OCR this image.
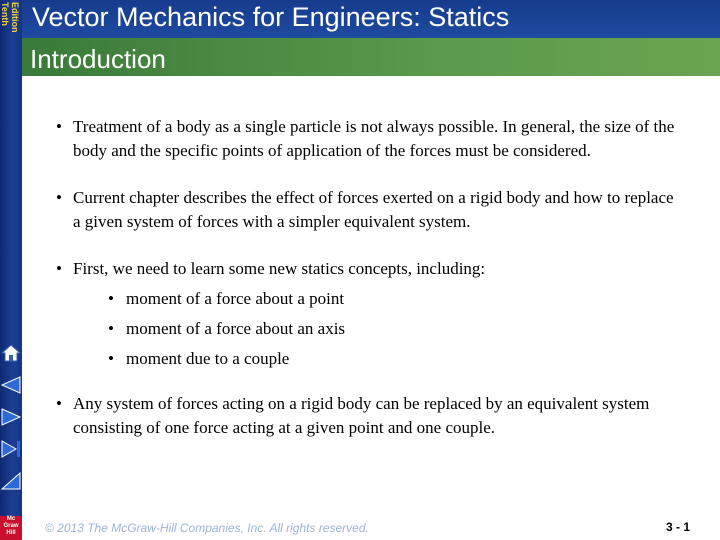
Tenth Edition Vector Mechanics for Engineers: Statics
Introduction
• Treatment of a body as a single particle is not always possible. In general, the size of the body and the specific points of application of the forces must be considered.
• Current chapter describes the effect of forces exerted on a rigid body and how to replace a given system of forces with a simpler equivalent system.
• First, we need to learn some new statics concepts, including:
• moment of a force about a point
• moment of a force about an axis
• moment due to a couple
• Any system of forces acting on a rigid body can be replaced by an equivalent system consisting of one force acting at a given point and one couple.
© 2013 The McGraw-Hill Companies, Inc. All rights reserved.	3 - 1
Mc
Graw
Hill
